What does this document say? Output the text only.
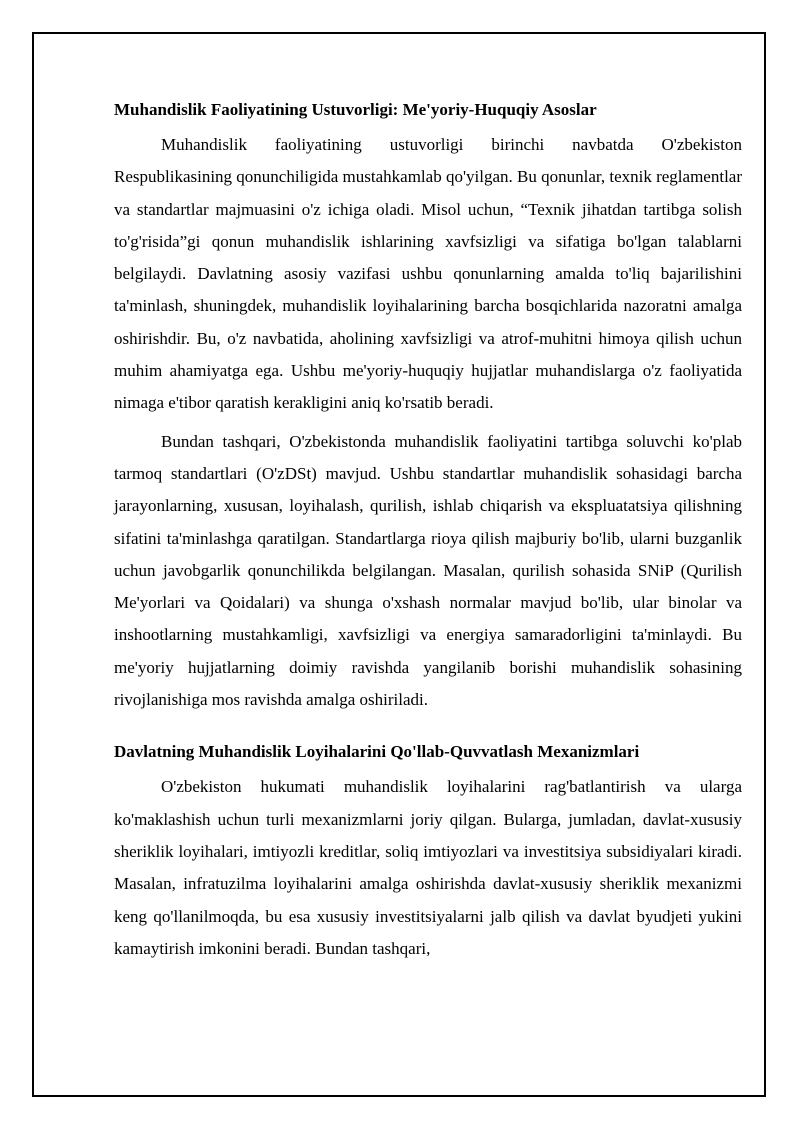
Muhandislik Faoliyatining Ustuvorligi: Me'yoriy-Huquqiy Asoslar

Muhandislik faoliyatining ustuvorligi birinchi navbatda O'zbekiston Respublikasining qonunchiligida mustahkamlab qo'yilgan. Bu qonunlar, texnik reglamentlar va standartlar majmuasini o'z ichiga oladi. Misol uchun, “Texnik jihatdan tartibga solish to'g'risida”gi qonun muhandislik ishlarining xavfsizligi va sifatiga bo'lgan talablarni belgilaydi. Davlatning asosiy vazifasi ushbu qonunlarning amalda to'liq bajarilishini ta'minlash, shuningdek, muhandislik loyihalarining barcha bosqichlarida nazoratni amalga oshirishdir. Bu, o'z navbatida, aholining xavfsizligi va atrof-muhitni himoya qilish uchun muhim ahamiyatga ega. Ushbu me'yoriy-huquqiy hujjatlar muhandislarga o'z faoliyatida nimaga e'tibor qaratish kerakligini aniq ko'rsatib beradi.

Bundan tashqari, O'zbekistonda muhandislik faoliyatini tartibga soluvchi ko'plab tarmoq standartlari (O'zDSt) mavjud. Ushbu standartlar muhandislik sohasidagi barcha jarayonlarning, xususan, loyihalash, qurilish, ishlab chiqarish va ekspluatatsiya qilishning sifatini ta'minlashga qaratilgan. Standartlarga rioya qilish majburiy bo'lib, ularni buzganlik uchun javobgarlik qonunchilikda belgilangan. Masalan, qurilish sohasida SNiP (Qurilish Me'yorlari va Qoidalari) va shunga o'xshash normalar mavjud bo'lib, ular binolar va inshootlarning mustahkamligi, xavfsizligi va energiya samaradorligini ta'minlaydi. Bu me'yoriy hujjatlarning doimiy ravishda yangilanib borishi muhandislik sohasining rivojlanishiga mos ravishda amalga oshiriladi.

Davlatning Muhandislik Loyihalarini Qo'llab-Quvvatlash Mexanizmlari

O'zbekiston hukumati muhandislik loyihalarini rag'batlantirish va ularga ko'maklashish uchun turli mexanizmlarni joriy qilgan. Bularga, jumladan, davlat-xususiy sheriklik loyihalari, imtiyozli kreditlar, soliq imtiyozlari va investitsiya subsidiyalari kiradi. Masalan, infratuzilma loyihalarini amalga oshirishda davlat-xususiy sheriklik mexanizmi keng qo'llanilmoqda, bu esa xususiy investitsiyalarni jalb qilish va davlat byudjeti yukini kamaytirish imkonini beradi. Bundan tashqari,
